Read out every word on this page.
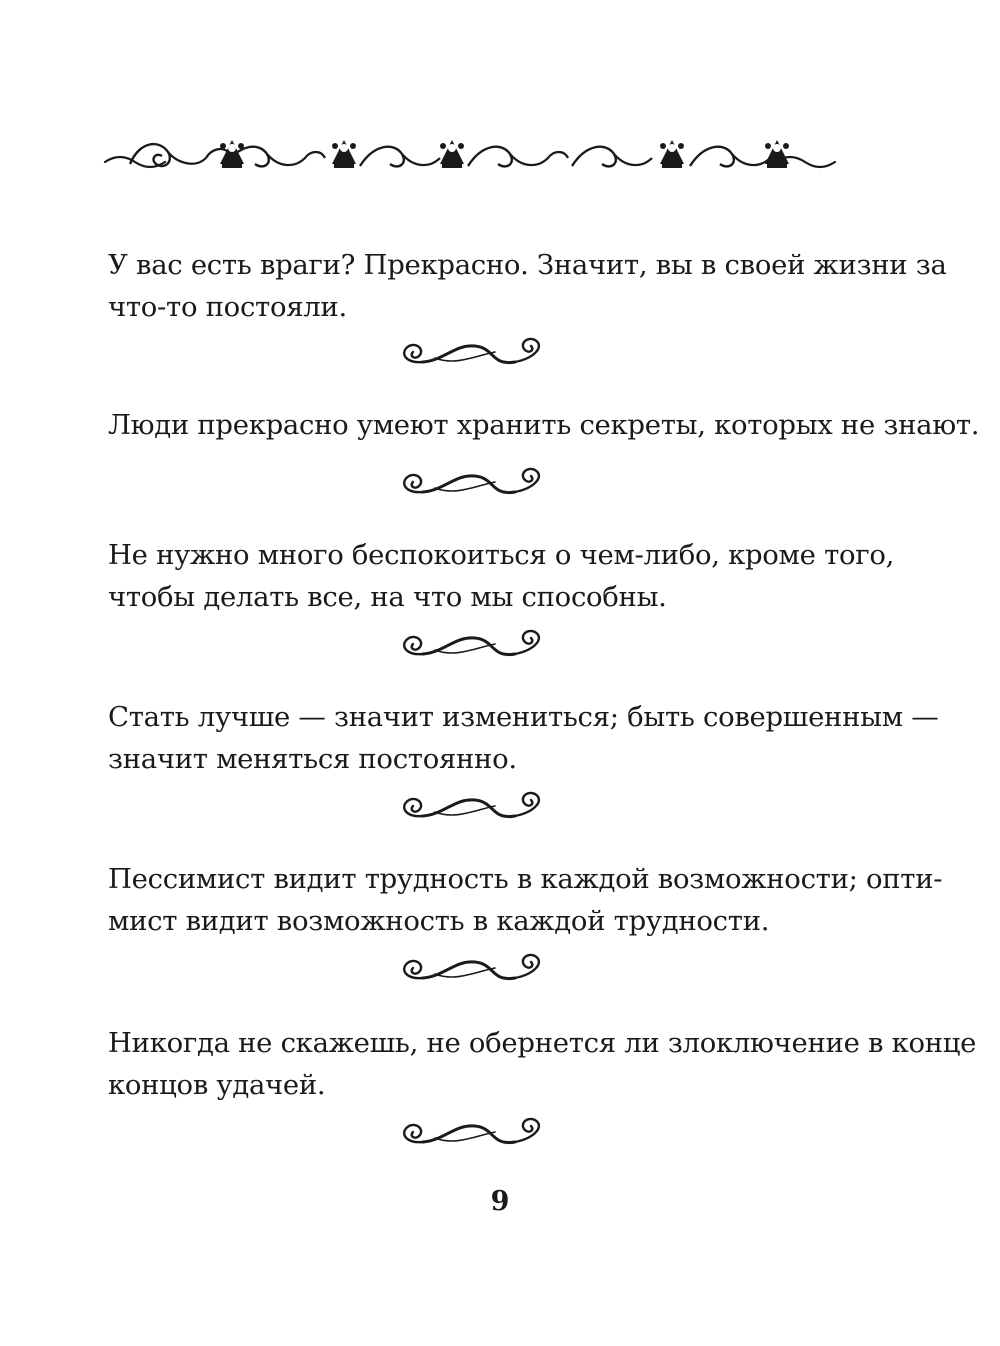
У вас есть враги? Прекрасно. Значит, вы в своей жизни за
что-то постояли.

Люди прекрасно умеют хранить секреты, которых не знают.

Не нужно много беспокоиться о чем-либо, кроме того,
чтобы делать все, на что мы способны.

Стать лучше — значит измениться; быть совершенным —
значит меняться постоянно.

Пессимист видит трудность в каждой возможности; опти-
мист видит возможность в каждой трудности.

Никогда не скажешь, не обернется ли злоключение в конце
концов удачей.

9
